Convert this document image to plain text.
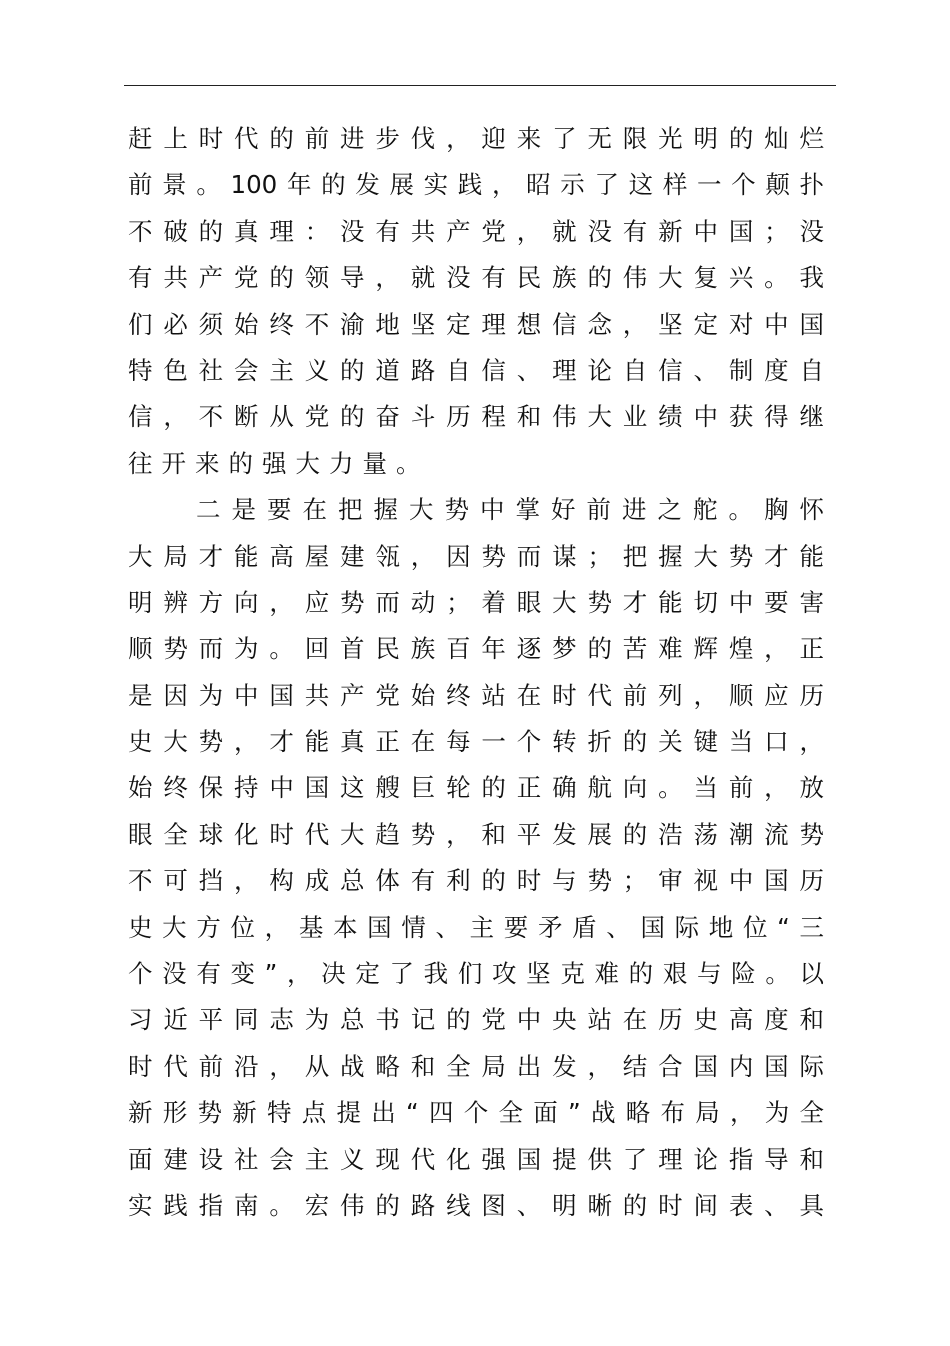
赶上时代的前进步伐，迎来了无限光明的灿烂
前景。100年的发展实践，昭示了这样一个颠扑
不破的真理：没有共产党，就没有新中国；没
有共产党的领导，就没有民族的伟大复兴。我
们必须始终不渝地坚定理想信念，坚定对中国
特色社会主义的道路自信、理论自信、制度自
信，不断从党的奋斗历程和伟大业绩中获得继
往开来的强大力量。
二是要在把握大势中掌好前进之舵。胸怀
大局才能高屋建瓴，因势而谋；把握大势才能
明辨方向，应势而动；着眼大势才能切中要害
顺势而为。回首民族百年逐梦的苦难辉煌，正
是因为中国共产党始终站在时代前列，顺应历
史大势，才能真正在每一个转折的关键当口，
始终保持中国这艘巨轮的正确航向。当前，放
眼全球化时代大趋势，和平发展的浩荡潮流势
不可挡，构成总体有利的时与势；审视中国历
史大方位，基本国情、主要矛盾、国际地位“三
个没有变”，决定了我们攻坚克难的艰与险。以
习近平同志为总书记的党中央站在历史高度和
时代前沿，从战略和全局出发，结合国内国际
新形势新特点提出“四个全面”战略布局，为全
面建设社会主义现代化强国提供了理论指导和
实践指南。宏伟的路线图、明晰的时间表、具
